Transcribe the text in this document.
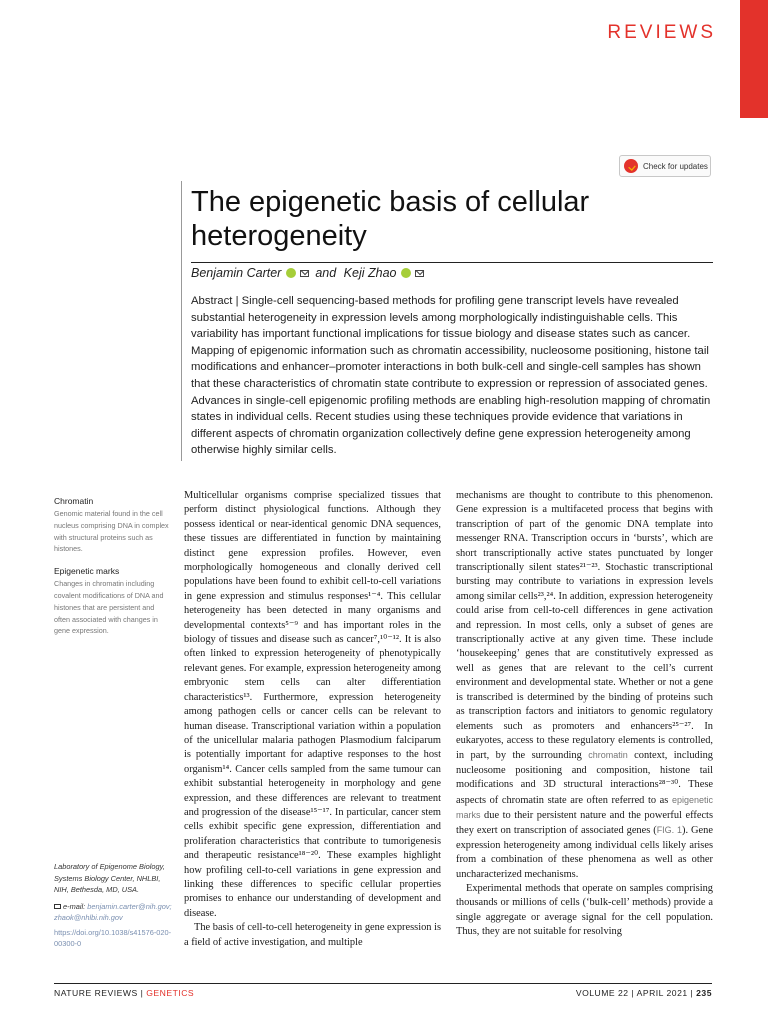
REVIEWS
Check for updates
The epigenetic basis of cellular heterogeneity
Benjamin Carter	and
Keji Zhao

Abstract | Single-cell sequencing-based methods for profiling gene transcript levels have revealed substantial heterogeneity in expression levels among morphologically indistinguishable cells. This variability has important functional implications for tissue biology and disease states such as cancer. Mapping of epigenomic information such as chromatin accessibility, nucleosome positioning, histone tail modifications and enhancer–promoter interactions in both bulk-cell and single-cell samples has shown that these characteristics of chromatin state contribute to expression or repression of associated genes. Advances in single-cell epigenomic profiling methods are enabling high-resolution mapping of chromatin states in individual cells. Recent studies using these techniques provide evidence that variations in different aspects of chromatin organization collectively define gene expression heterogeneity among otherwise highly similar cells.

Chromatin
Genomic material found in the cell nucleus comprising DNA in complex with structural proteins such as histones.
Epigenetic marks
Changes in chromatin including covalent modifications of DNA and histones that are persistent and often associated with changes in gene expression.
Laboratory of Epigenome Biology, Systems Biology Center, NHLBI, NIH, Bethesda, MD, USA.
e-mail: benjamin.carter@nih.gov; zhaok@nhlbi.nih.gov
https://doi.org/10.1038/s41576-020-00300-0

Multicellular organisms comprise specialized tissues that perform distinct physiological functions. Although they possess identical or near-identical genomic DNA sequences, these tissues are differentiated in function by maintaining distinct gene expression profiles. However, even morphologically homogeneous and clonally derived cell populations have been found to exhibit cell-to-cell variations in gene expression and stimulus responses¹⁻⁴. This cellular heterogeneity has been detected in many organisms and developmental contexts⁵⁻⁹ and has important roles in the biology of tissues and disease such as cancer⁷,¹⁰⁻¹². It is also often linked to expression heterogeneity of phenotypically relevant genes. For example, expression heterogeneity among embryonic stem cells can alter differentiation characteristics¹³. Furthermore, expression heterogeneity among pathogen cells or cancer cells can be relevant to human disease. Transcriptional variation within a population of the unicellular malaria pathogen Plasmodium falciparum is potentially important for adaptive responses to the host organism¹⁴. Cancer cells sampled from the same tumour can exhibit substantial heterogeneity in morphology and gene expression, and these differences are relevant to treatment and progression of the disease¹⁵⁻¹⁷. In particular, cancer stem cells exhibit specific gene expression, differentiation and proliferation characteristics that contribute to tumorigenesis and therapeutic resistance¹⁸⁻²⁰. These examples highlight how profiling cell-to-cell variations in gene expression and linking these differences to specific cellular properties promises to enhance our understanding of development and disease.

The basis of cell-to-cell heterogeneity in gene expression is a field of active investigation, and multiple

mechanisms are thought to contribute to this phenomenon. Gene expression is a multifaceted process that begins with transcription of part of the genomic DNA template into messenger RNA. Transcription occurs in ‘bursts’, which are short transcriptionally active states punctuated by longer transcriptionally silent states²¹⁻²³. Stochastic transcriptional bursting may contribute to variations in expression levels among similar cells²³,²⁴. In addition, expression heterogeneity could arise from cell-to-cell differences in gene activation and repression. In most cells, only a subset of genes are transcriptionally active at any given time. These include ‘housekeeping’ genes that are constitutively expressed as well as genes that are relevant to the cell’s current environment and developmental state. Whether or not a gene is transcribed is determined by the binding of proteins such as transcription factors and initiators to genomic regulatory elements such as promoters and enhancers²⁵⁻²⁷. In eukaryotes, access to these regulatory elements is controlled, in part, by the surrounding chromatin context, including nucleosome positioning and composition, histone tail modifications and 3D structural interactions²⁸⁻³⁰. These aspects of chromatin state are often referred to as epigenetic marks due to their persistent nature and the powerful effects they exert on transcription of associated genes (FIG. 1). Gene expression heterogeneity among individual cells likely arises from a combination of these phenomena as well as other uncharacterized mechanisms.

Experimental methods that operate on samples comprising thousands or millions of cells (‘bulk-cell’ methods) provide a single aggregate or average signal for the cell population. Thus, they are not suitable for resolving

NATURE REVIEWS | GENETICS	VOLUME 22 | APRIL 2021 | 235
